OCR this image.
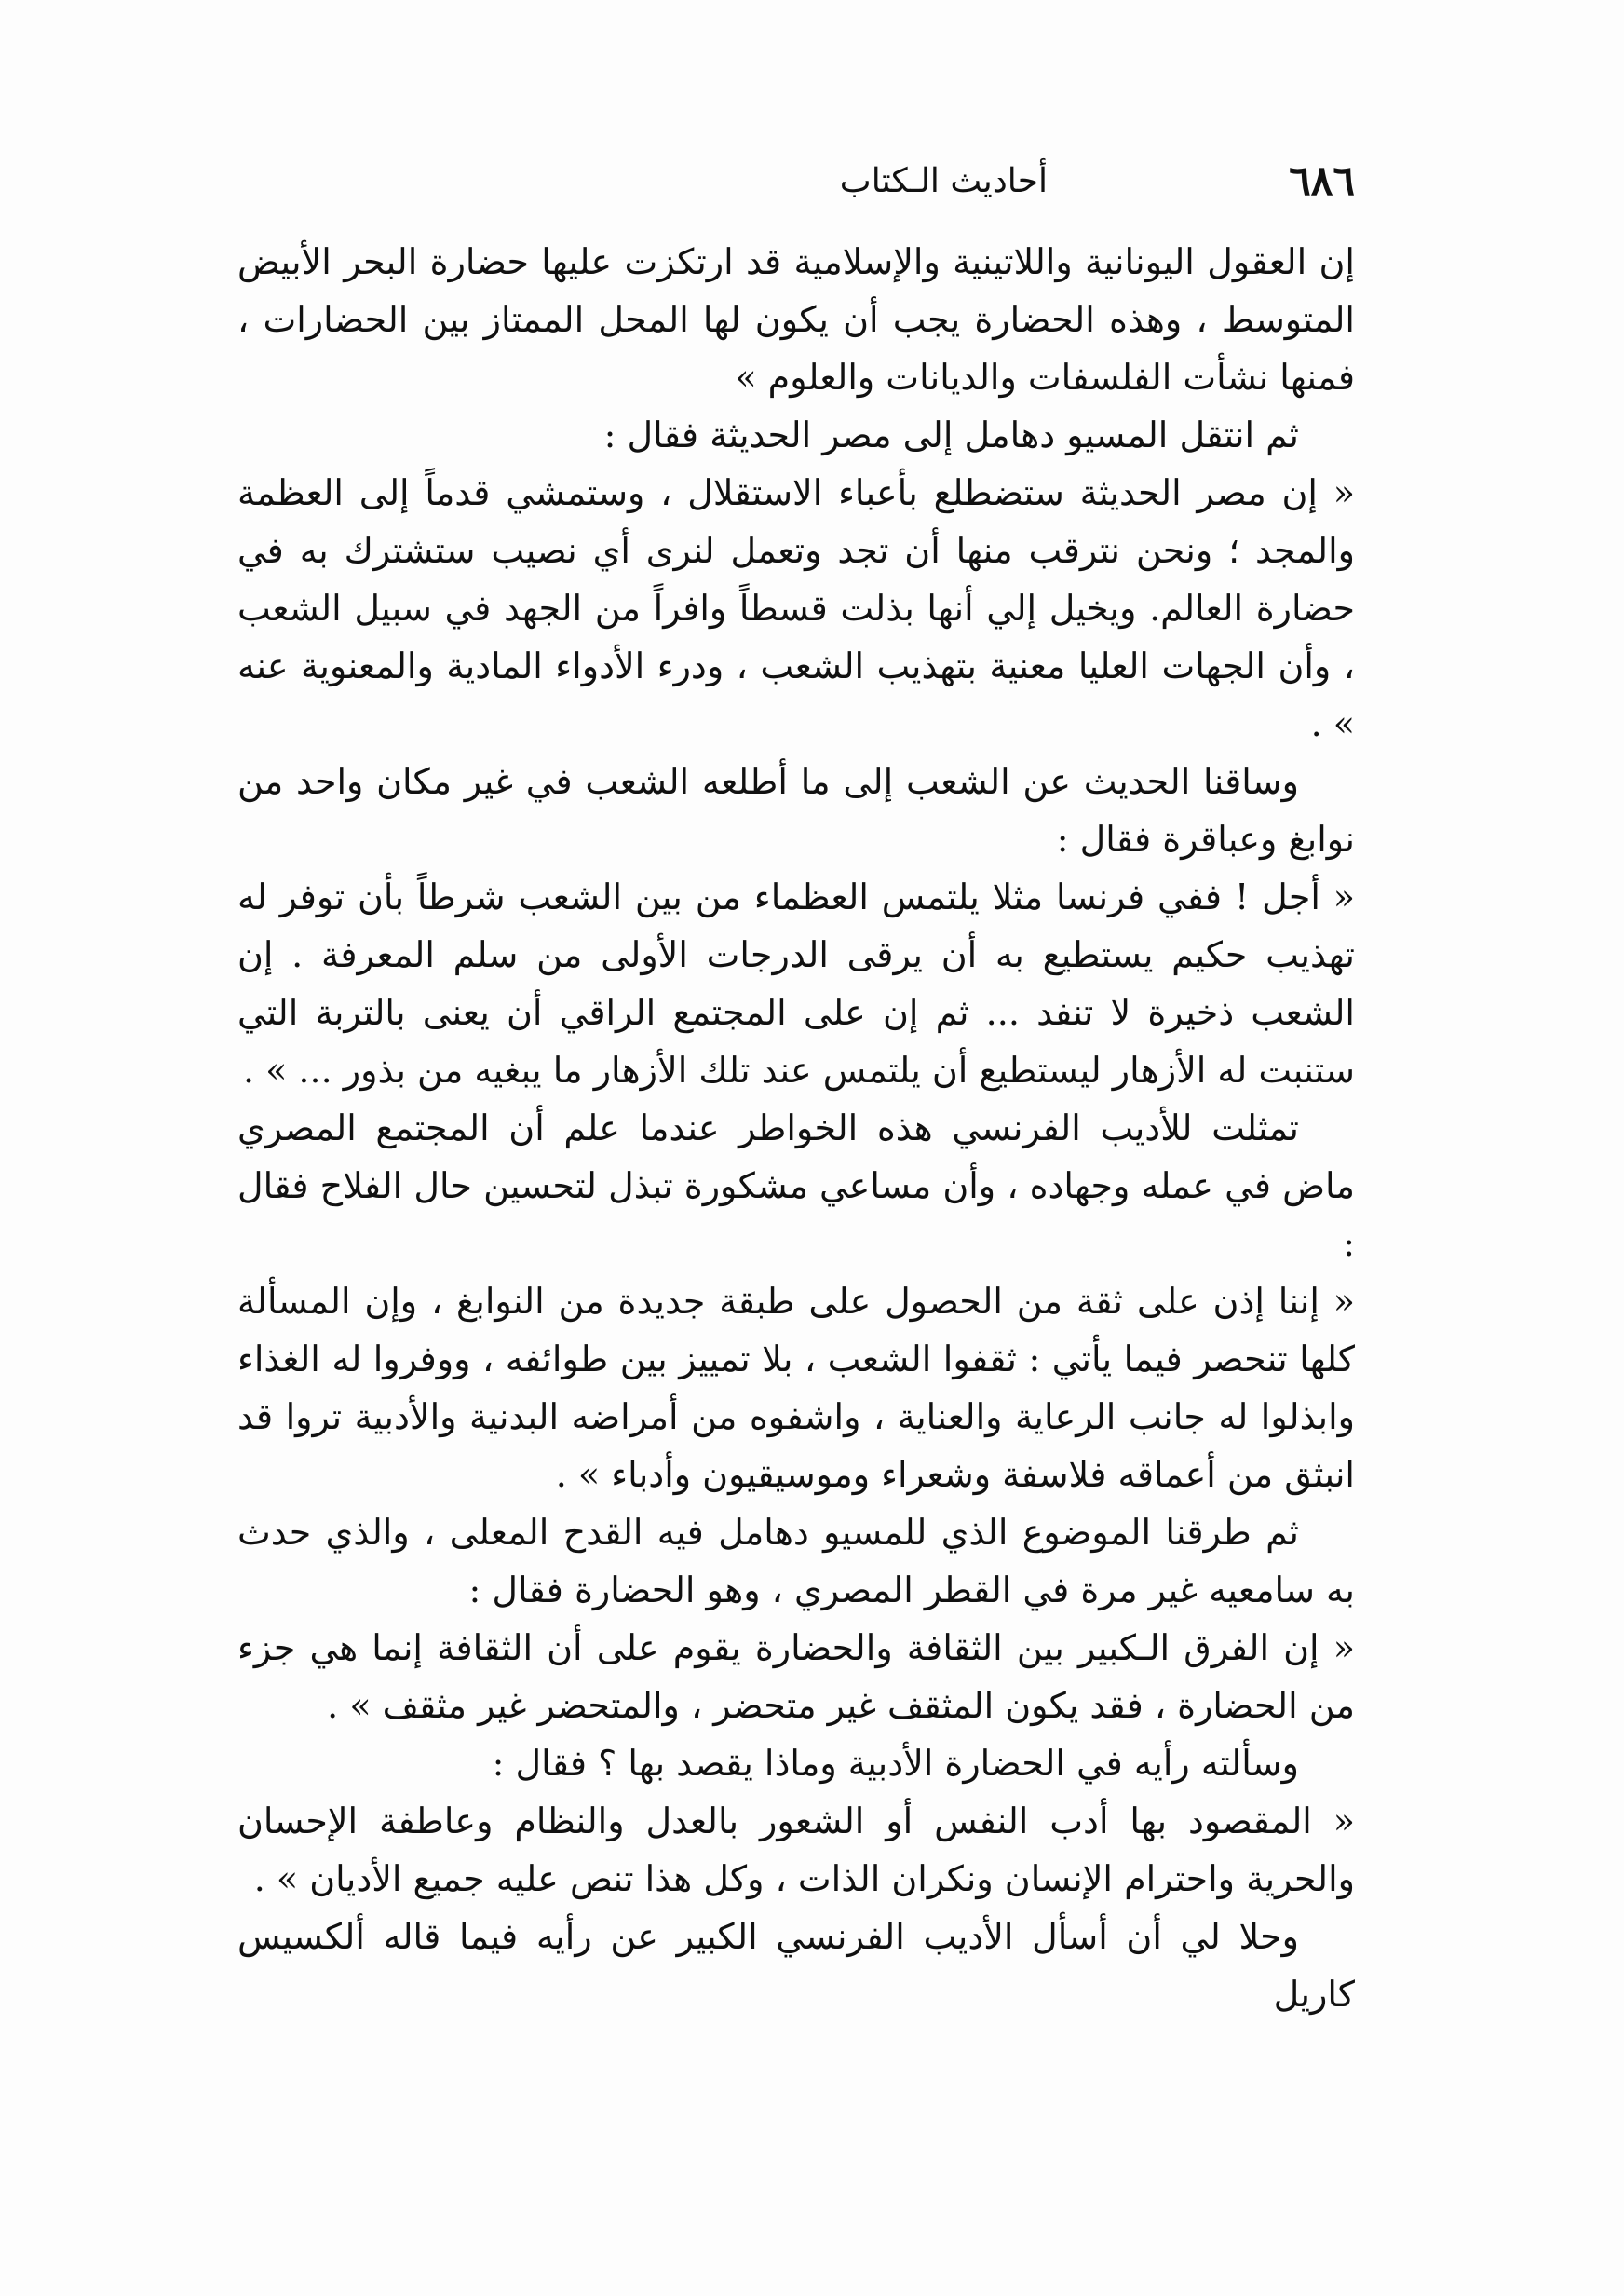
٦٨٦
أحاديث الـكتاب

إن العقول اليونانية واللاتينية والإسلامية قد ارتكزت عليها حضارة البحر الأبيض المتوسط ، وهذه الحضارة يجب أن يكون لها المحل الممتاز بين الحضارات ، فمنها نشأت الفلسفات والديانات والعلوم »

ثم انتقل المسيو دهامل إلى مصر الحديثة فقال :

« إن مصر الحديثة ستضطلع بأعباء الاستقلال ، وستمشي قدماً إلى العظمة والمجد ؛ ونحن نترقب منها أن تجد وتعمل لنرى أي نصيب ستشترك به في حضارة العالم. ويخيل إلي أنها بذلت قسطاً وافراً من الجهد في سبيل الشعب ، وأن الجهات العليا معنية بتهذيب الشعب ، ودرء الأدواء المادية والمعنوية عنه » .

وساقنا الحديث عن الشعب إلى ما أطلعه الشعب في غير مكان واحد من نوابغ وعباقرة فقال :

« أجل ! ففي فرنسا مثلا يلتمس العظماء من بين الشعب شرطاً بأن توفر له تهذيب حكيم يستطيع به أن يرقى الدرجات الأولى من سلم المعرفة . إن الشعب ذخيرة لا تنفد ... ثم إن على المجتمع الراقي أن يعنى بالتربة التي ستنبت له الأزهار ليستطيع أن يلتمس عند تلك الأزهار ما يبغيه من بذور ... » .

تمثلت للأديب الفرنسي هذه الخواطر عندما علم أن المجتمع المصري ماض في عمله وجهاده ، وأن مساعي مشكورة تبذل لتحسين حال الفلاح فقال :

« إننا إذن على ثقة من الحصول على طبقة جديدة من النوابغ ، وإن المسألة كلها تنحصر فيما يأتي : ثقفوا الشعب ، بلا تمييز بين طوائفه ، ووفروا له الغذاء وابذلوا له جانب الرعاية والعناية ، واشفوه من أمراضه البدنية والأدبية تروا قد انبثق من أعماقه فلاسفة وشعراء وموسيقيون وأدباء » .

ثم طرقنا الموضوع الذي للمسيو دهامل فيه القدح المعلى ، والذي حدث به سامعيه غير مرة في القطر المصري ، وهو الحضارة فقال :

« إن الفرق الـكبير بين الثقافة والحضارة يقوم على أن الثقافة إنما هي جزء من الحضارة ، فقد يكون المثقف غير متحضر ، والمتحضر غير مثقف » .

وسألته رأيه في الحضارة الأدبية وماذا يقصد بها ؟ فقال :

« المقصود بها أدب النفس أو الشعور بالعدل والنظام وعاطفة الإحسان والحرية واحترام الإنسان ونكران الذات ، وكل هذا تنص عليه جميع الأديان » .

وحلا لي أن أسأل الأديب الفرنسي الكبير عن رأيه فيما قاله ألكسيس كاريل
